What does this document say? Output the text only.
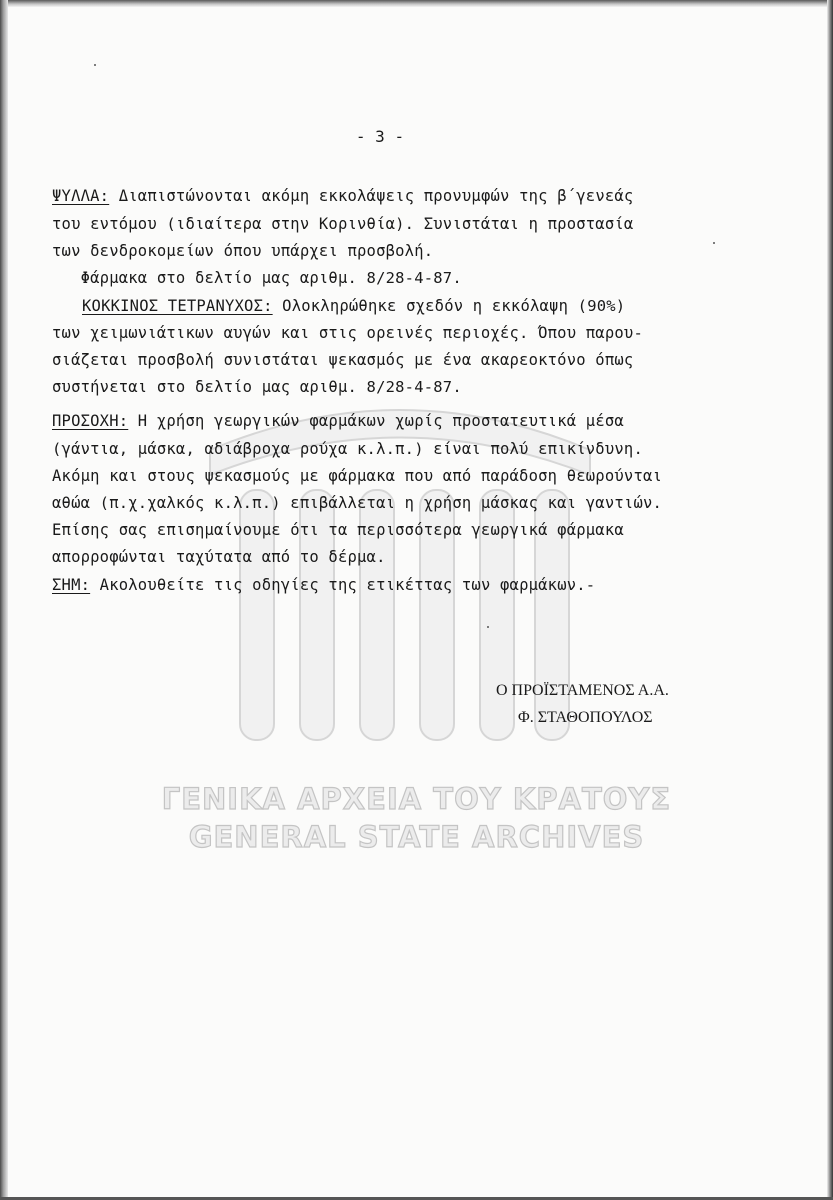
ΓΕΝΙΚΑ ΑΡΧΕΙΑ ΤΟΥ ΚΡΑΤΟΥΣ
GENERAL STATE ARCHIVES
- 3 -
ΨΥΛΛΑ: Διαπιστώνονται ακόμη εκκολάψεις προνυμφών της β΄γενεάς
του εντόμου (ιδιαίτερα στην Κορινθία). Συνιστάται η προστασία
των δενδροκομείων όπου υπάρχει προσβολή.
Φάρμακα στο δελτίο μας αριθμ. 8/28-4-87.
ΚΟΚΚΙΝΟΣ ΤΕΤΡΑΝΥΧΟΣ: Ολοκληρώθηκε σχεδόν η εκκόλαψη (90%)
των χειμωνιάτικων αυγών και στις ορεινές περιοχές. Όπου παρου-
σιάζεται προσβολή συνιστάται ψεκασμός με ένα ακαρεοκτόνο όπως
συστήνεται στο δελτίο μας αριθμ. 8/28-4-87.
ΠΡΟΣΟΧΗ: Η χρήση γεωργικών φαρμάκων χωρίς προστατευτικά μέσα
(γάντια, μάσκα, αδιάβροχα ρούχα κ.λ.π.) είναι πολύ επικίνδυνη.
Ακόμη και στους ψεκασμούς με φάρμακα που από παράδοση θεωρούνται
αθώα (π.χ.χαλκός κ.λ.π.) επιβάλλεται η χρήση μάσκας και γαντιών.
Επίσης σας επισημαίνουμε ότι τα περισσότερα γεωργικά φάρμακα
απορροφώνται ταχύτατα από το δέρμα.
ΣΗΜ: Ακολουθείτε τις οδηγίες της ετικέττας των φαρμάκων.-
Ο ΠΡΟΪΣΤΑΜΕΝΟΣ Α.Α.
Φ. ΣΤΑΘΟΠΟΥΛΟΣ
